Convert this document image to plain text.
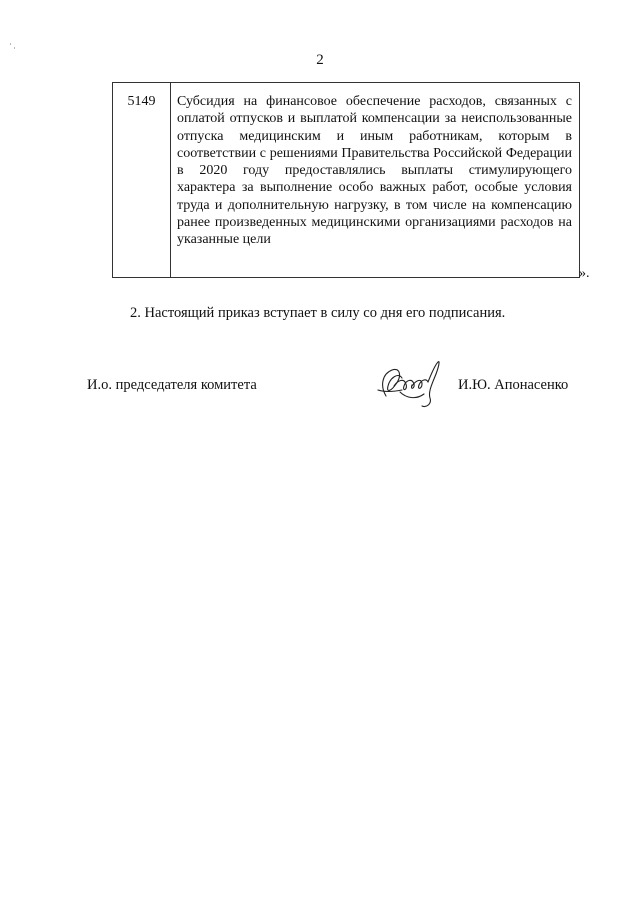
2
5149	Субсидия на финансовое обеспечение расходов, связанных с оплатой отпусков и выплатой компенсации за неиспользованные отпуска медицинским и иным работникам, которым в соответствии с решениями Правительства Российской Федерации в 2020 году предоставлялись выплаты стимулирующего характера за выполнение особо важных работ, особые условия труда и дополнительную нагрузку, в том числе на компенсацию ранее произведенных медицинскими организациями расходов на указанные цели
».
2. Настоящий приказ вступает в силу со дня его подписания.
И.о. председателя комитета	И.Ю. Апонасенко
